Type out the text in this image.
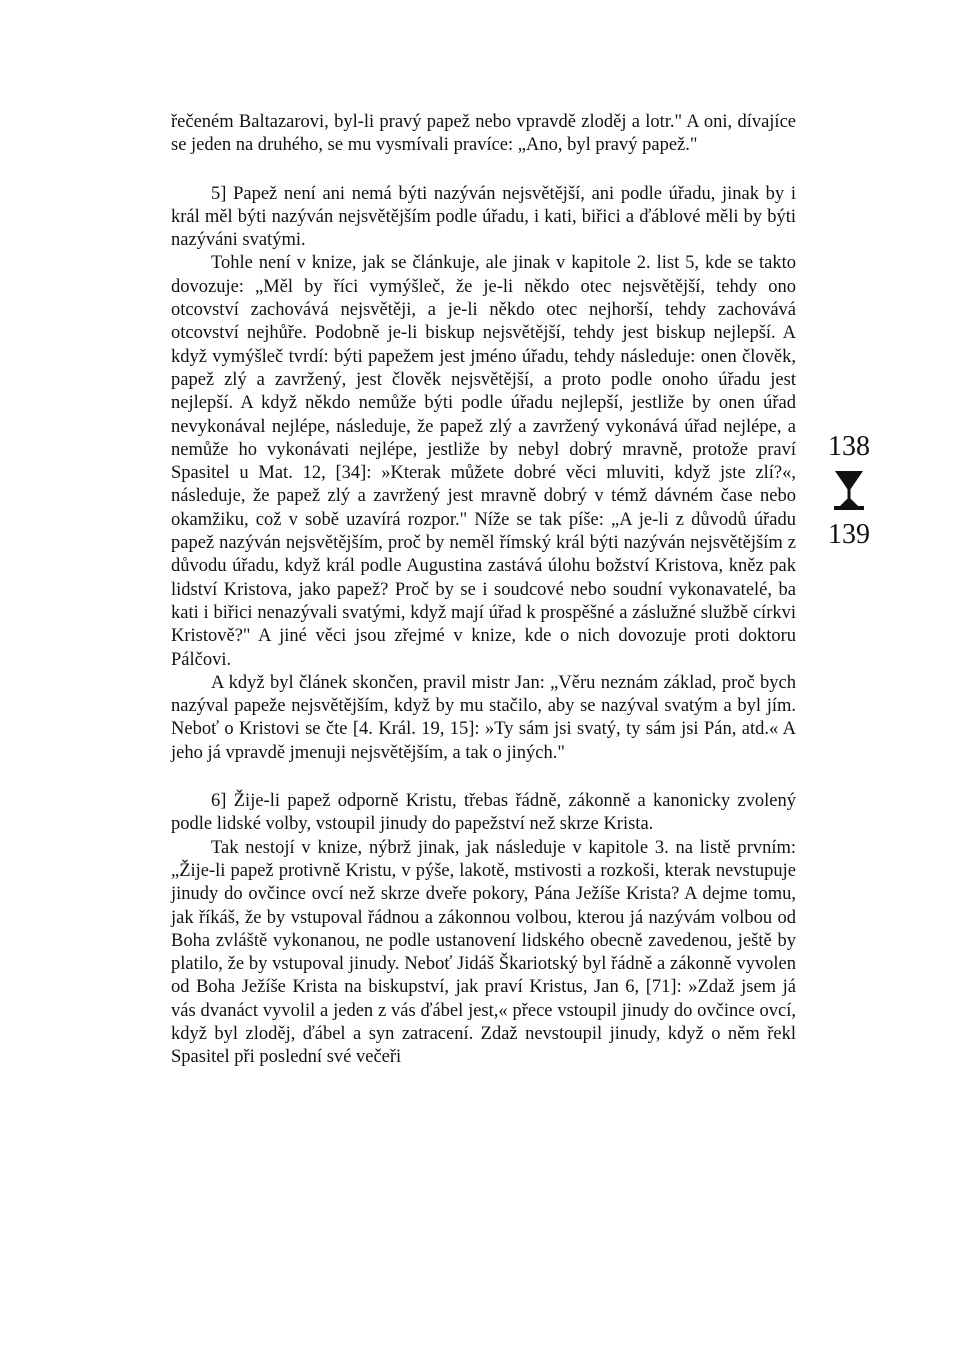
řečeném Baltazarovi, byl-li pravý papež nebo vpravdě zloděj a lotr." A oni, dívajíce se jeden na druhého, se mu vysmívali pravíce: „Ano, byl pravý papež."

5] Papež není ani nemá býti nazýván nejsvětější, ani podle úřadu, jinak by i král měl býti nazýván nejsvětějším podle úřadu, i kati, biřici a ďáblové měli by býti nazýváni svatými.

Tohle není v knize, jak se článkuje, ale jinak v kapitole 2. list 5, kde se takto dovozuje: „Měl by říci vymýšleč, že je-li někdo otec nejsvětější, tehdy ono otcovství zachovává nejsvětěji, a je-li někdo otec nejhorší, tehdy zachovává otcovství nejhůře. Podobně je-li biskup nejsvětější, tehdy jest biskup nejlepší. A když vymýšleč tvrdí: býti papežem jest jméno úřadu, tehdy následuje: onen člověk, papež zlý a zavržený, jest člověk nejsvětější, a proto podle onoho úřadu jest nejlepší. A když někdo nemůže býti podle úřadu nejlepší, jestliže by onen úřad nevykonával nejlépe, následuje, že papež zlý a zavržený vykonává úřad nejlépe, a nemůže ho vykonávati nejlépe, jestliže by nebyl dobrý mravně, protože praví Spasitel u Mat. 12, [34]: »Kterak můžete dobré věci mluviti, když jste zlí?«, následuje, že papež zlý a zavržený jest mravně dobrý v témž dávném čase nebo okamžiku, což v sobě uzavírá rozpor." Níže se tak píše: „A je-li z důvodů úřadu papež nazýván nejsvětějším, proč by neměl římský král býti nazýván nejsvětějším z důvodu úřadu, když král podle Augustina zastává úlohu božství Kristova, kněz pak lidství Kristova, jako papež? Proč by se i soudcové nebo soudní vykonavatelé, ba kati i biřici nenazývali svatými, když mají úřad k prospěšné a záslužné službě církvi Kristově?" A jiné věci jsou zřejmé v knize, kde o nich dovozuje proti doktoru Pálčovi.

A když byl článek skončen, pravil mistr Jan: „Věru neznám základ, proč bych nazýval papeže nejsvětějším, když by mu stačilo, aby se nazýval svatým a byl jím. Neboť o Kristovi se čte [4. Král. 19, 15]: »Ty sám jsi svatý, ty sám jsi Pán, atd.« A jeho já vpravdě jmenuji nejsvětějším, a tak o jiných."

6] Žije-li papež odporně Kristu, třebas řádně, zákonně a kanonicky zvolený podle lidské volby, vstoupil jinudy do papežství než skrze Krista.

Tak nestojí v knize, nýbrž jinak, jak následuje v kapitole 3. na listě prvním: „Žije-li papež protivně Kristu, v pýše, lakotě, mstivosti a rozkoši, kterak nevstupuje jinudy do ovčince ovcí než skrze dveře pokory, Pána Ježíše Krista? A dejme tomu, jak říkáš, že by vstupoval řádnou a zákonnou volbou, kterou já nazývám volbou od Boha zvláště vykonanou, ne podle ustanovení lidského obecně zavedenou, ještě by platilo, že by vstupoval jinudy. Neboť Jidáš Škariotský byl řádně a zákonně vyvolen od Boha Ježíše Krista na biskupství, jak praví Kristus, Jan 6, [71]: »Zdaž jsem já vás dvanáct vyvolil a jeden z vás ďábel jest,« přece vstoupil jinudy do ovčince ovcí, když byl zloděj, ďábel a syn zatracení. Zdaž nevstoupil jinudy, když o něm řekl Spasitel při poslední své večeři

138
139
